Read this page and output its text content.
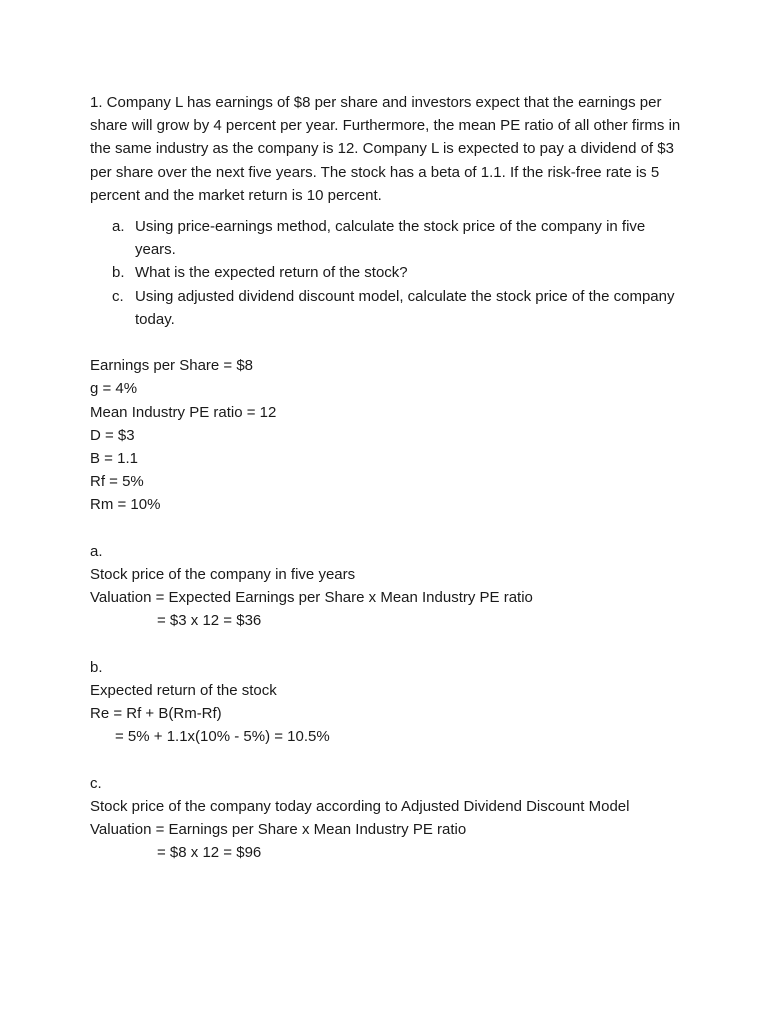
1. Company L has earnings of $8 per share and investors expect that the earnings per share will grow by 4 percent per year. Furthermore, the mean PE ratio of all other firms in the same industry as the company is 12. Company L is expected to pay a dividend of $3 per share over the next five years. The stock has a beta of 1.1. If the risk-free rate is 5 percent and the market return is 10 percent.

a. Using price-earnings method, calculate the stock price of the company in five years.
b. What is the expected return of the stock?
c. Using adjusted dividend discount model, calculate the stock price of the company today.

Earnings per Share = $8

g = 4%

Mean Industry PE ratio = 12

D = $3

B = 1.1

Rf = 5%

Rm = 10%

a.

Stock price of the company in five years

Valuation = Expected Earnings per Share x Mean Industry PE ratio

= $3 x 12 = $36

b.

Expected return of the stock

Re = Rf + B(Rm-Rf)

= 5% + 1.1x(10% - 5%) = 10.5%

c.

Stock price of the company today according to Adjusted Dividend Discount Model

Valuation = Earnings per Share x Mean Industry PE ratio

= $8 x 12 = $96
